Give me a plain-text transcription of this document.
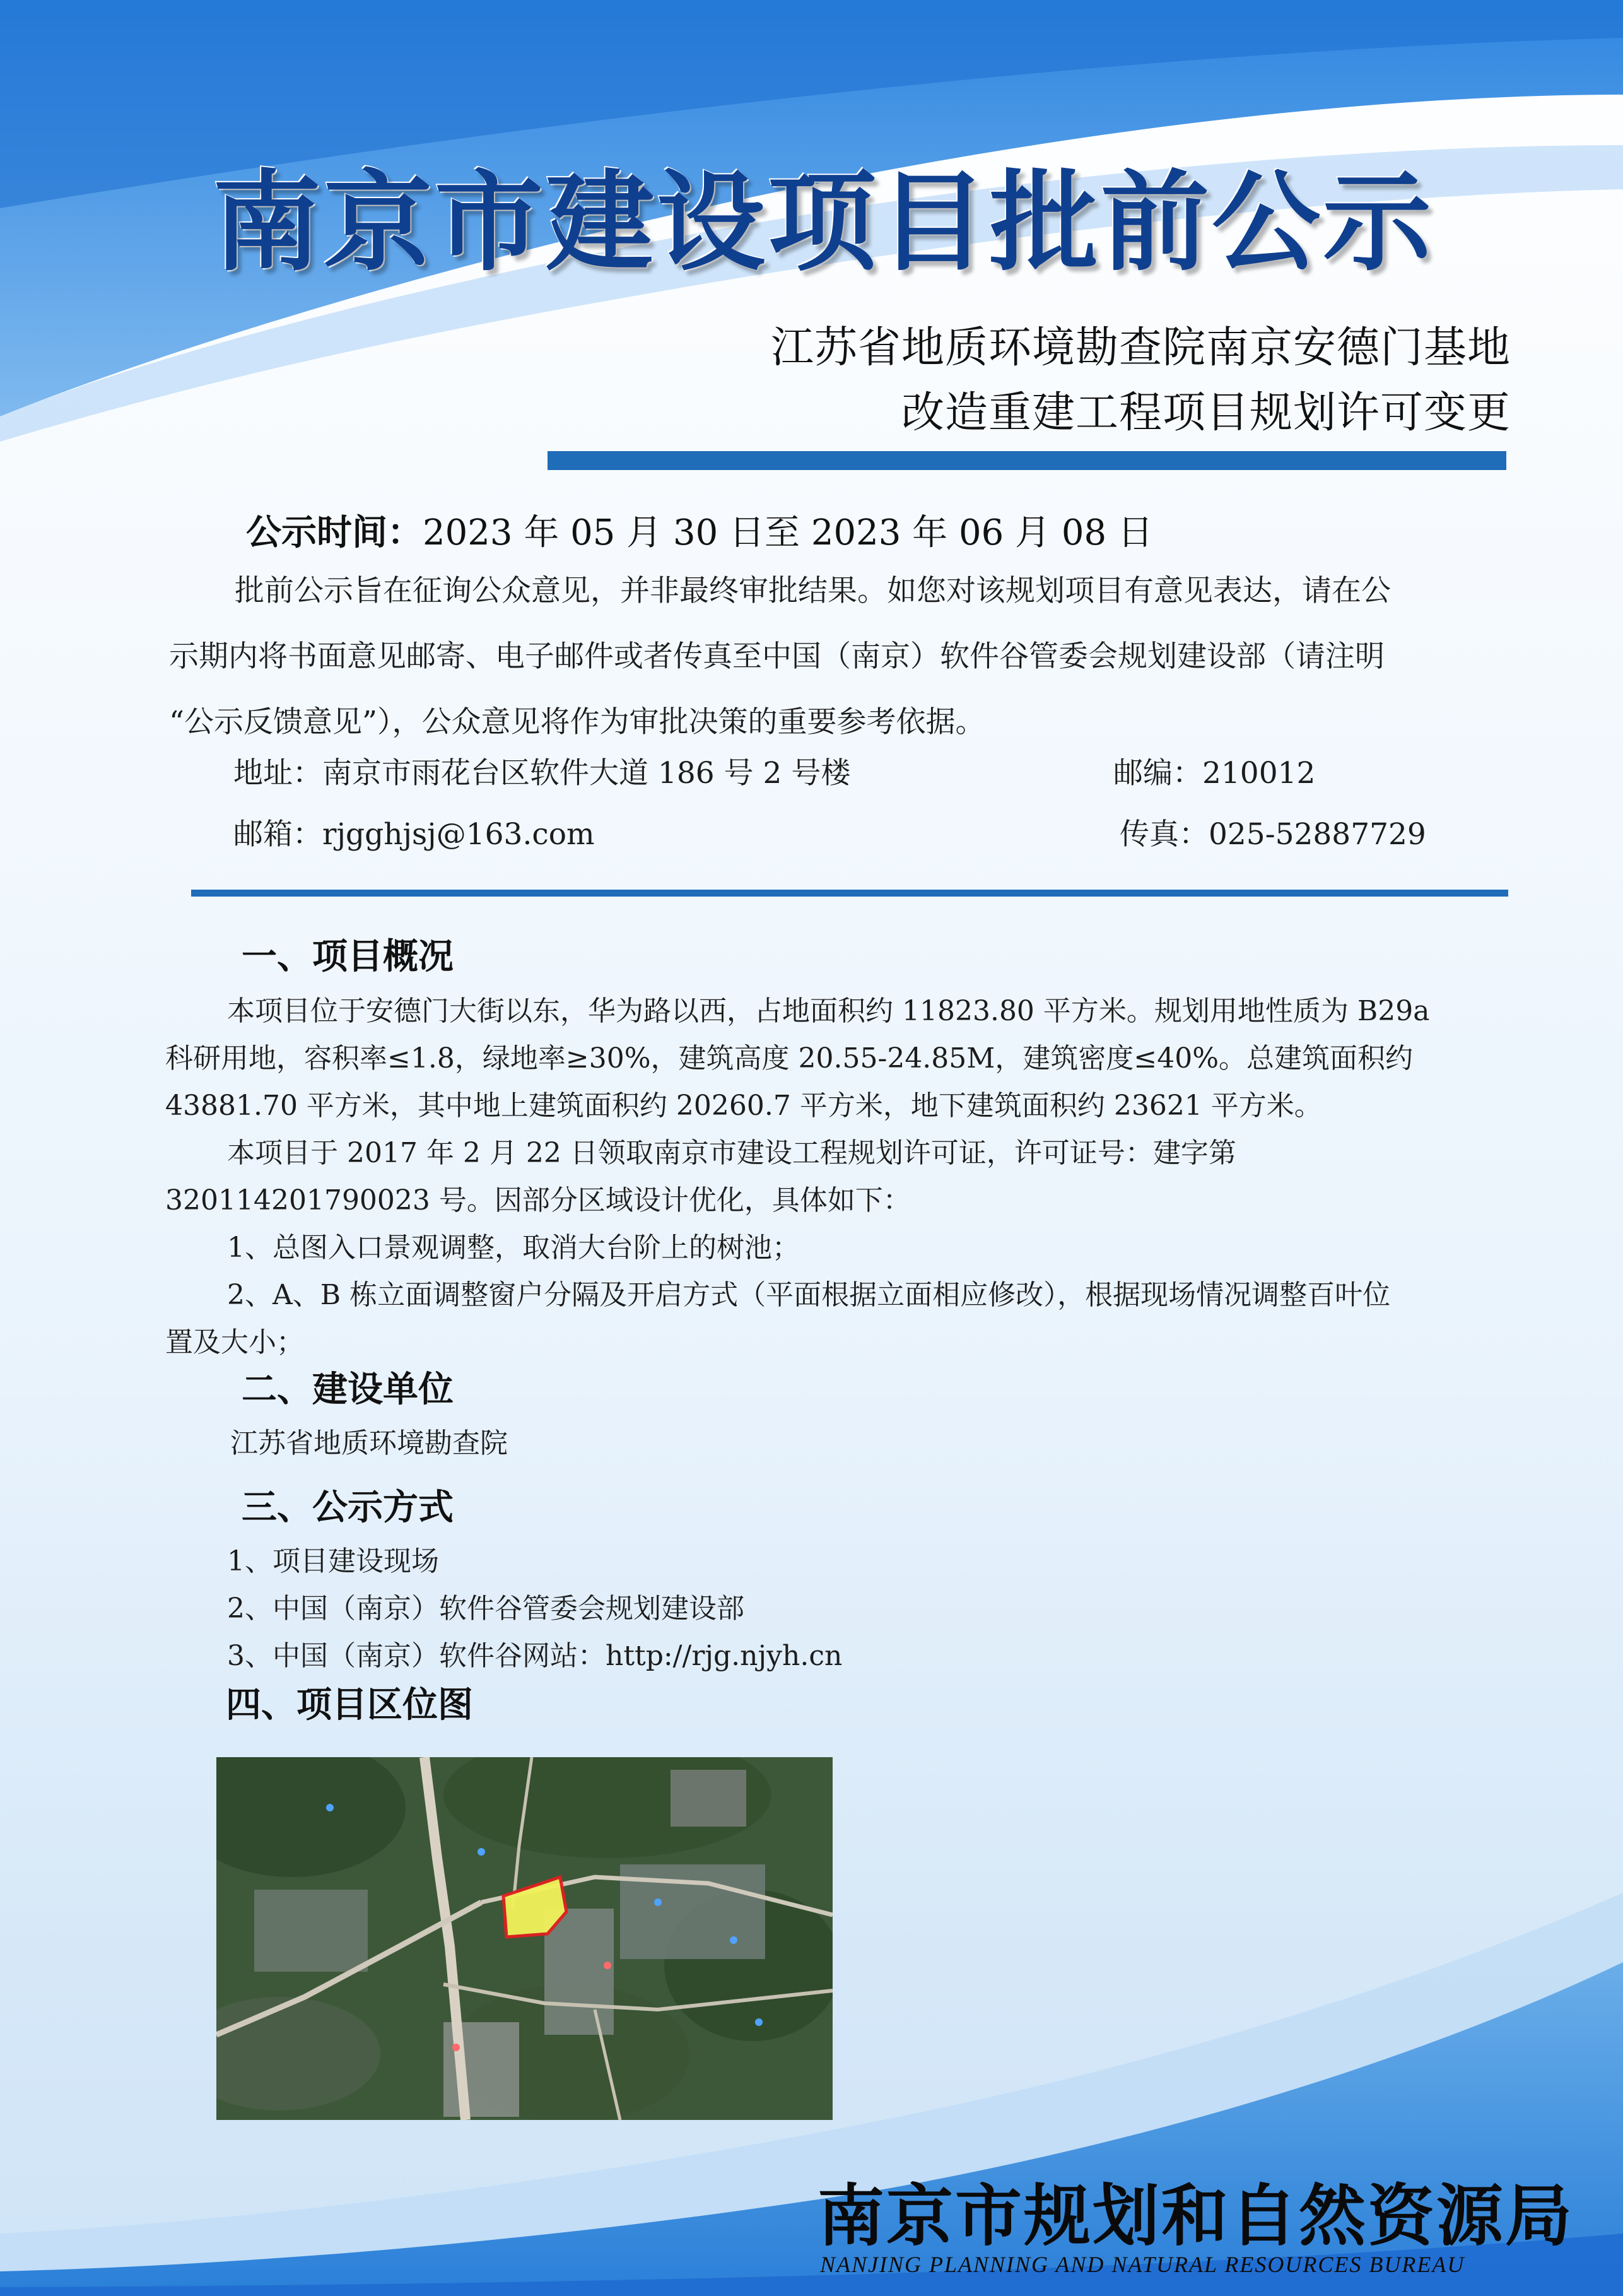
南京市建设项目批前公示
江苏省地质环境勘查院南京安德门基地
改造重建工程项目规划许可变更
公示时间：2023 年 05 月 30 日至 2023 年 06 月 08 日
批前公示旨在征询公众意见，并非最终审批结果。如您对该规划项目有意见表达，请在公
示期内将书面意见邮寄、电子邮件或者传真至中国（南京）软件谷管委会规划建设部（请注明
“公示反馈意见”），公众意见将作为审批决策的重要参考依据。
地址：南京市雨花台区软件大道 186 号 2 号楼	邮编：210012
邮箱：rjgghjsj@163.com	传真：025-52887729
一、项目概况
本项目位于安德门大街以东，华为路以西，占地面积约 11823.80 平方米。规划用地性质为 B29a
科研用地，容积率≤1.8，绿地率≥30%，建筑高度 20.55-24.85M，建筑密度≤40%。总建筑面积约
43881.70 平方米，其中地上建筑面积约 20260.7 平方米，地下建筑面积约 23621 平方米。
本项目于 2017 年 2 月 22 日领取南京市建设工程规划许可证，许可证号：建字第
320114201790023 号。因部分区域设计优化，具体如下：
1、总图入口景观调整，取消大台阶上的树池；
2、A、B 栋立面调整窗户分隔及开启方式（平面根据立面相应修改），根据现场情况调整百叶位
置及大小；
二、建设单位
江苏省地质环境勘查院
三、公示方式
1、项目建设现场
2、中国（南京）软件谷管委会规划建设部
3、中国（南京）软件谷网站：http://rjg.njyh.cn
四、项目区位图
南京市规划和自然资源局
NANJING PLANNING AND NATURAL RESOURCES BUREAU
